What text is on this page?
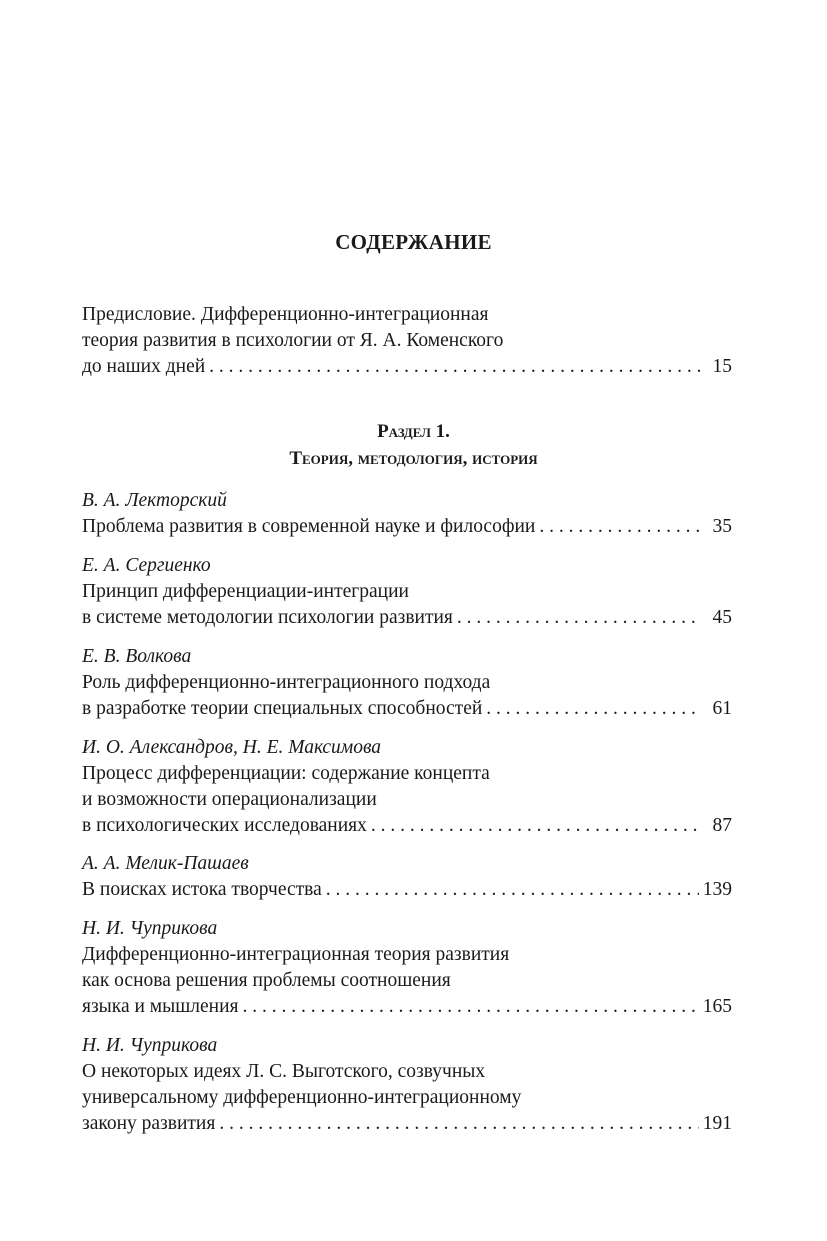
СОДЕРЖАНИЕ
Предисловие. Дифференционно-интеграционная
теория развития в психологии от Я. А. Коменского
до наших дней . . .	15
Раздел 1.
Теория, методология, история
В. А. Лекторский
Проблема развития в современной науке и философии . . .	35
Е. А. Сергиенко
Принцип дифференциации-интеграции
в системе методологии психологии развития . . .	45
Е. В. Волкова
Роль дифференционно-интеграционного подхода
в разработке теории специальных способностей . . .	61
И. О. Александров, Н. Е. Максимова
Процесс дифференциации: содержание концепта
и возможности операционализации
в психологических исследованиях . . .	87
А. А. Мелик-Пашаев
В поисках истока творчества . . .	139
Н. И. Чуприкова
Дифференционно-интеграционная теория развития
как основа решения проблемы соотношения
языка и мышления . . .	165
Н. И. Чуприкова
О некоторых идеях Л. С. Выготского, созвучных
универсальному дифференционно-интеграционному
закону развития . . .	191
